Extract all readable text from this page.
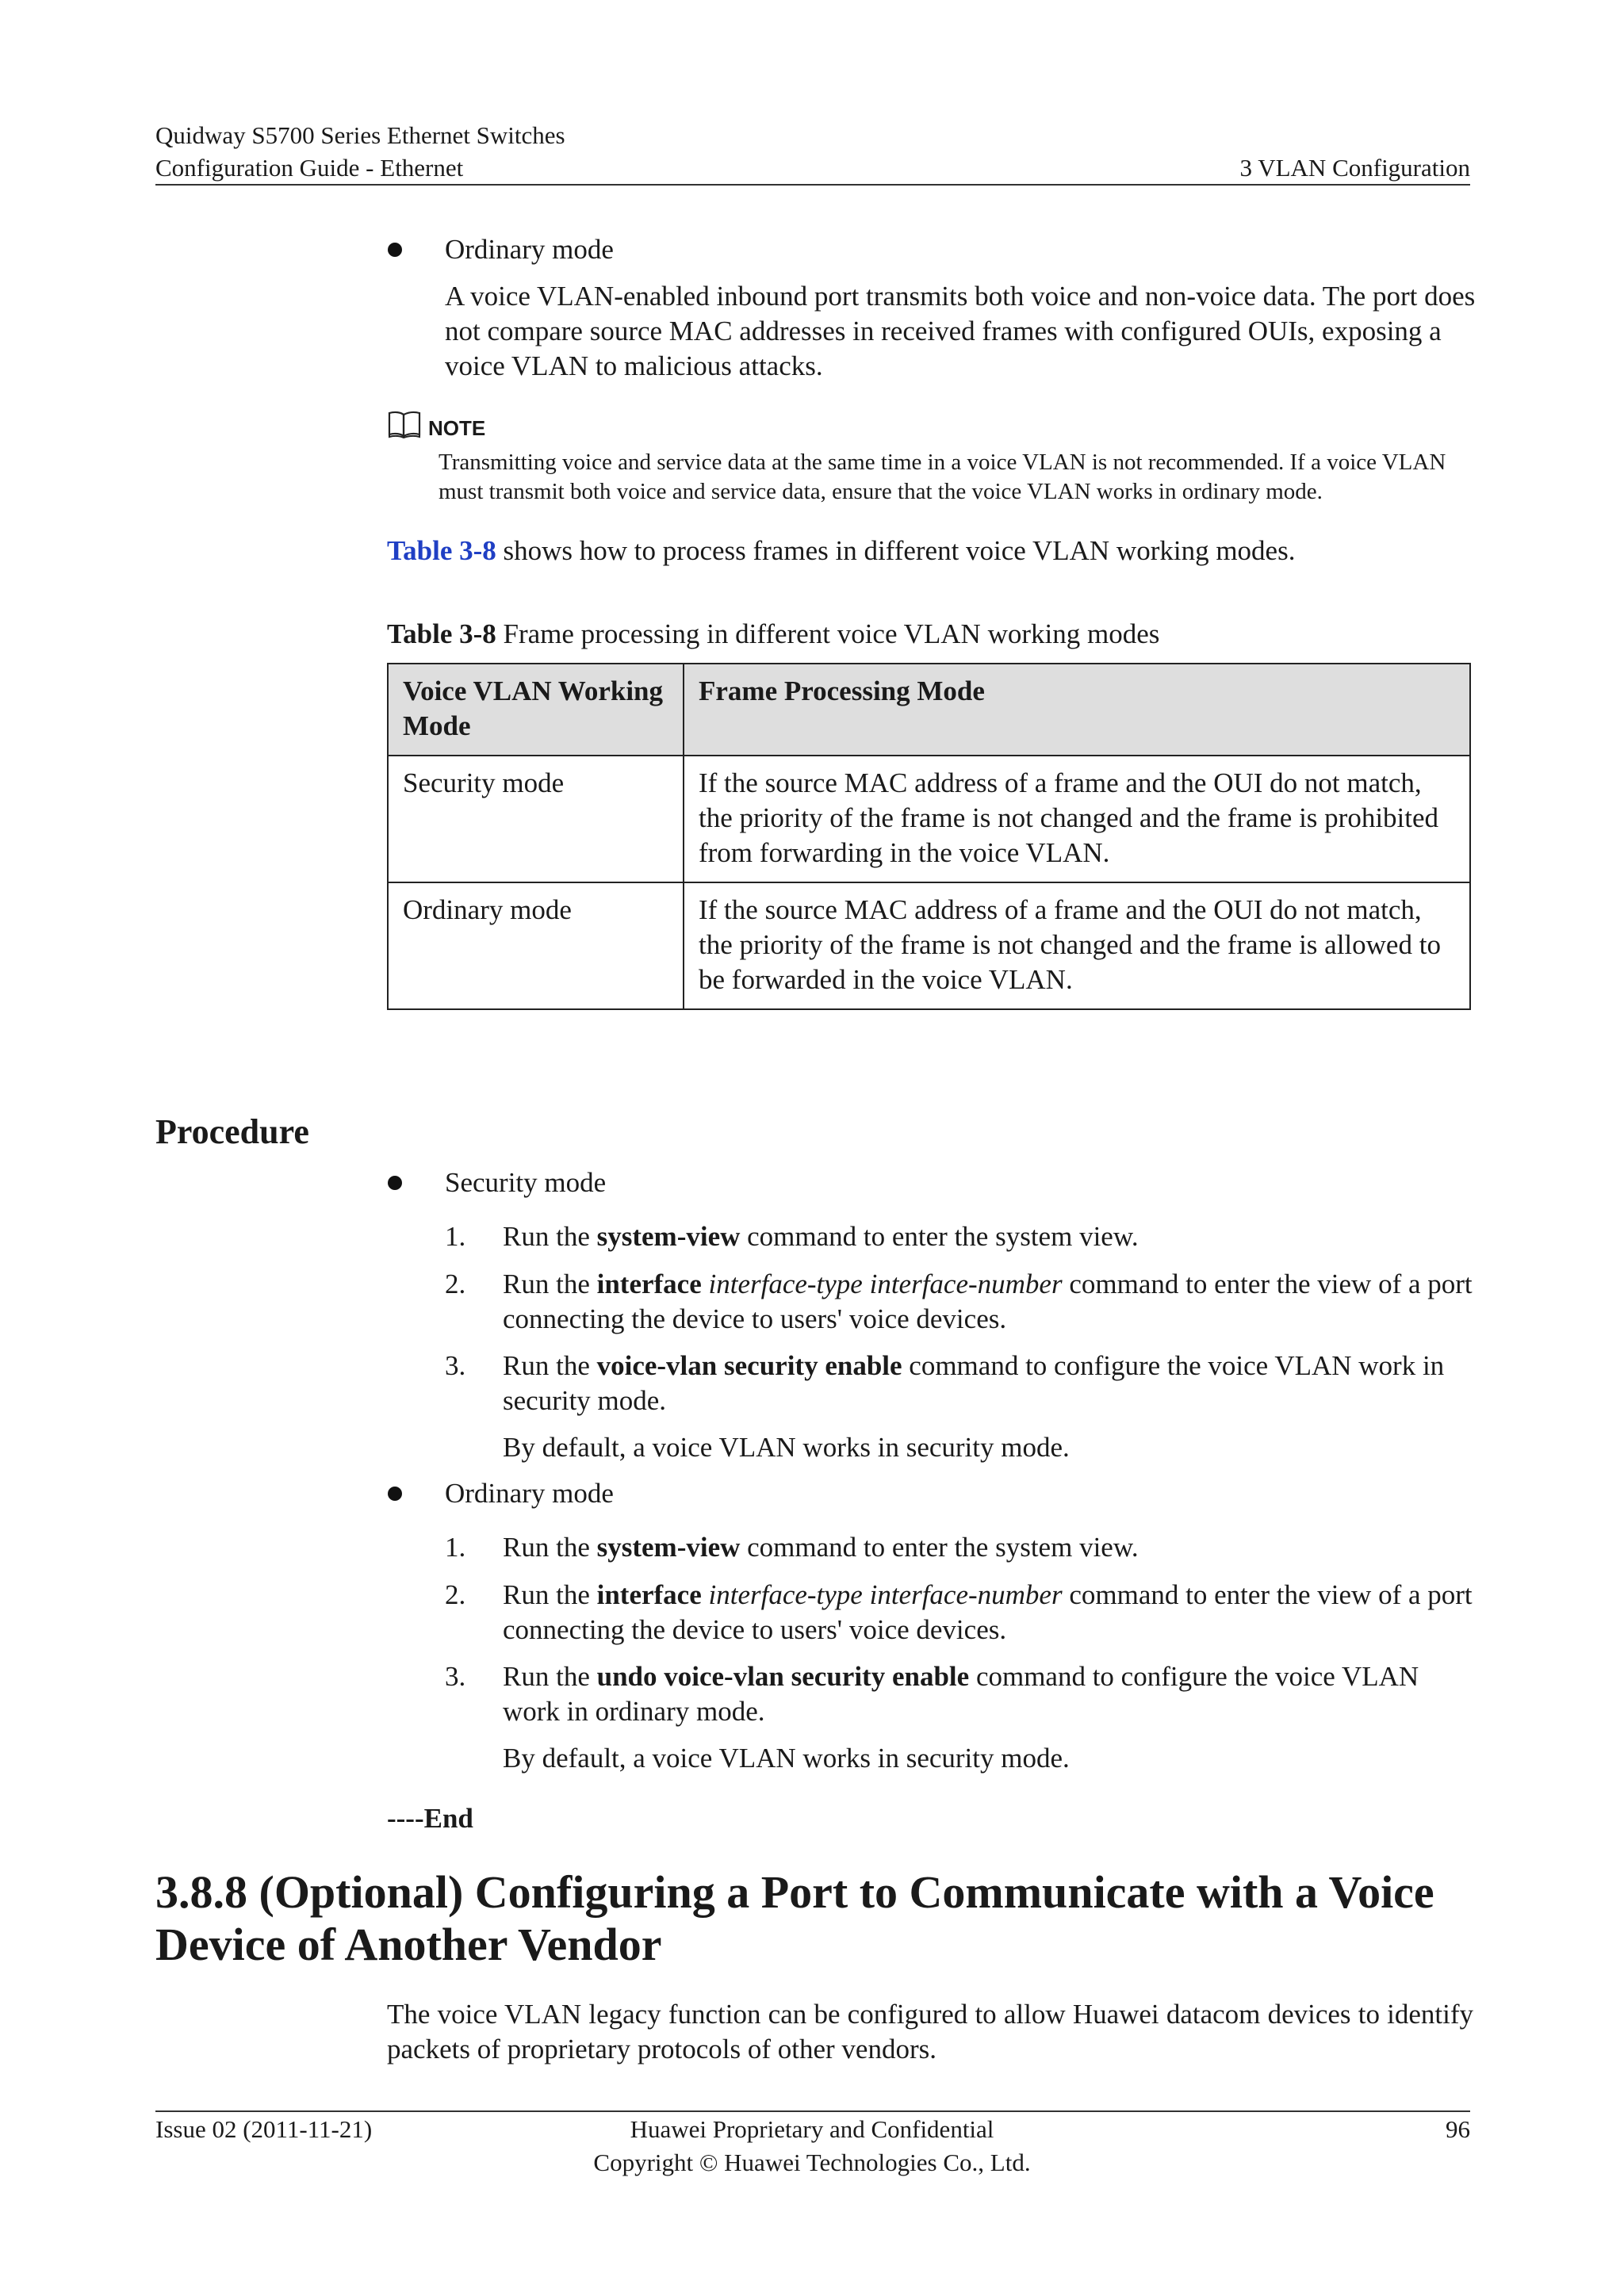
Quidway S5700 Series Ethernet Switches
Configuration Guide - Ethernet	3 VLAN Configuration
Ordinary mode
A voice VLAN-enabled inbound port transmits both voice and non-voice data. The port does not compare source MAC addresses in received frames with configured OUIs, exposing a voice VLAN to malicious attacks.
NOTE
Transmitting voice and service data at the same time in a voice VLAN is not recommended. If a voice VLAN must transmit both voice and service data, ensure that the voice VLAN works in ordinary mode.
Table 3-8 shows how to process frames in different voice VLAN working modes.
Table 3-8 Frame processing in different voice VLAN working modes
Voice VLAN Working Mode	Frame Processing Mode
Security mode	If the source MAC address of a frame and the OUI do not match, the priority of the frame is not changed and the frame is prohibited from forwarding in the voice VLAN.
Ordinary mode	If the source MAC address of a frame and the OUI do not match, the priority of the frame is not changed and the frame is allowed to be forwarded in the voice VLAN.
Procedure
Security mode
1. Run the system-view command to enter the system view.
2. Run the interface interface-type interface-number command to enter the view of a port connecting the device to users' voice devices.
3. Run the voice-vlan security enable command to configure the voice VLAN work in security mode.
By default, a voice VLAN works in security mode.
Ordinary mode
1. Run the system-view command to enter the system view.
2. Run the interface interface-type interface-number command to enter the view of a port connecting the device to users' voice devices.
3. Run the undo voice-vlan security enable command to configure the voice VLAN work in ordinary mode.
By default, a voice VLAN works in security mode.
----End
3.8.8 (Optional) Configuring a Port to Communicate with a Voice
Device of Another Vendor
The voice VLAN legacy function can be configured to allow Huawei datacom devices to identify packets of proprietary protocols of other vendors.
Issue 02 (2011-11-21)	Huawei Proprietary and Confidential
Copyright © Huawei Technologies Co., Ltd.
96
